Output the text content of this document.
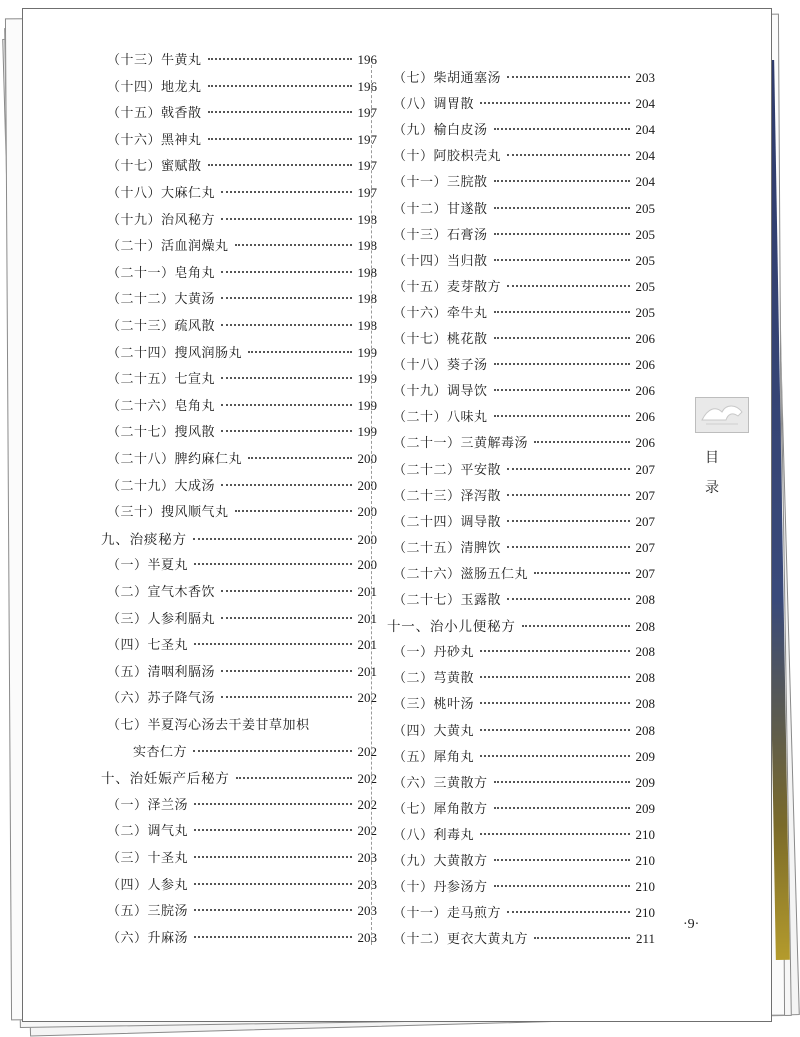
（十三）牛黄丸	196
（十四）地龙丸	196
（十五）戟香散	197
（十六）黑神丸	197
（十七）蜜赋散	197
（十八）大麻仁丸	197
（十九）治风秘方	198
（二十）活血润燥丸	198
（二十一）皂角丸	198
（二十二）大黄汤	198
（二十三）疏风散	198
（二十四）搜风润肠丸	199
（二十五）七宣丸	199
（二十六）皂角丸	199
（二十七）搜风散	199
（二十八）脾约麻仁丸	200
（二十九）大成汤	200
（三十）搜风顺气丸	200
九、治痰秘方	200
（一）半夏丸	200
（二）宣气木香饮	201
（三）人参利膈丸	201
（四）七圣丸	201
（五）清咽利膈汤	201
（六）苏子降气汤	202
（七）半夏泻心汤去干姜甘草加枳
实杏仁方	202
十、治妊娠产后秘方	202
（一）泽兰汤	202
（二）调气丸	202
（三）十圣丸	203
（四）人参丸	203
（五）三脘汤	203
（六）升麻汤	203
（七）柴胡通塞汤	203
（八）调胃散	204
（九）榆白皮汤	204
（十）阿胶枳壳丸	204
（十一）三脘散	204
（十二）甘遂散	205
（十三）石膏汤	205
（十四）当归散	205
（十五）麦芽散方	205
（十六）牵牛丸	205
（十七）桃花散	206
（十八）葵子汤	206
（十九）调导饮	206
（二十）八味丸	206
（二十一）三黄解毒汤	206
（二十二）平安散	207
（二十三）泽泻散	207
（二十四）调导散	207
（二十五）清脾饮	207
（二十六）滋肠五仁丸	207
（二十七）玉露散	208
十一、治小儿便秘方	208
（一）丹砂丸	208
（二）芎黄散	208
（三）桃叶汤	208
（四）大黄丸	208
（五）犀角丸	209
（六）三黄散方	209
（七）犀角散方	209
（八）利毒丸	210
（九）大黄散方	210
（十）丹参汤方	210
（十一）走马煎方	210
（十二）更衣大黄丸方	211
目录
·9·
